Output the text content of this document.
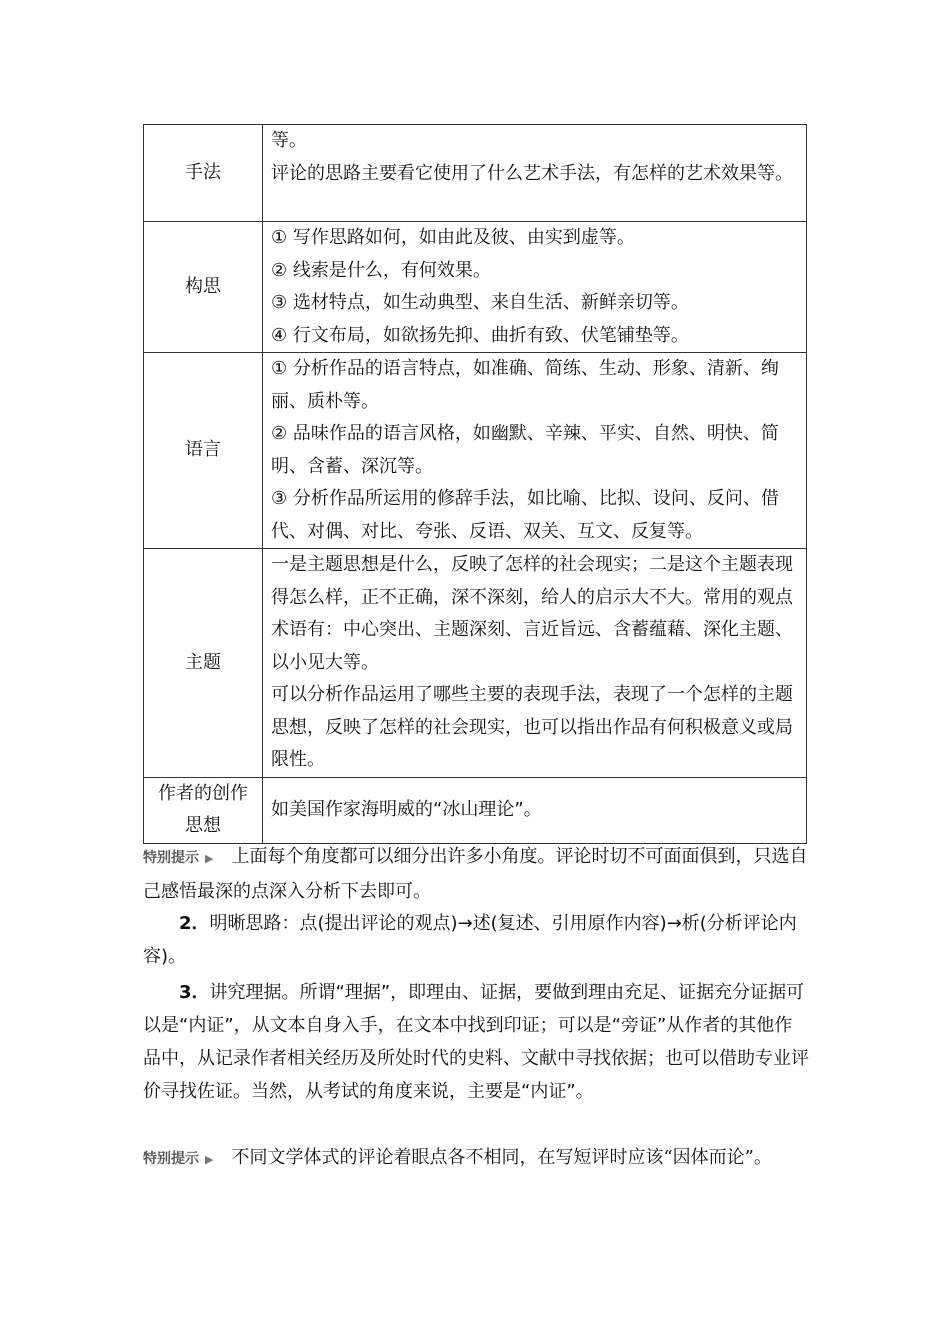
手法	等。

评论的思路主要看它使用了什么艺术手法，有怎样的艺术效果等。

构思	① 写作思路如何，如由此及彼、由实到虚等。

② 线索是什么，有何效果。

③ 选材特点，如生动典型、来自生活、新鲜亲切等。

④ 行文布局，如欲扬先抑、曲折有致、伏笔铺垫等。

语言	① 分析作品的语言特点，如准确、简练、生动、形象、清新、绚丽、质朴等。

② 品味作品的语言风格，如幽默、辛辣、平实、自然、明快、简明、含蓄、深沉等。

③ 分析作品所运用的修辞手法，如比喻、比拟、设问、反问、借代、对偶、对比、夸张、反语、双关、互文、反复等。

主题	一是主题思想是什么，反映了怎样的社会现实；二是这个主题表现得怎么样，正不正确，深不深刻，给人的启示大不大。常用的观点术语有：中心突出、主题深刻、言近旨远、含蓄蕴藉、深化主题、以小见大等。

可以分析作品运用了哪些主要的表现手法，表现了一个怎样的主题思想，反映了怎样的社会现实，也可以指出作品有何积极意义或局限性。

作者的创作思想	如美国作家海明威的“冰山理论”。

特别提示 ▶ 上面每个角度都可以细分出许多小角度。评论时切不可面面俱到，只选自己感悟最深的点深入分析下去即可。
2．明晰思路：点(提出评论的观点)→述(复述、引用原作内容)→析(分析评论内容)。
3．讲究理据。所谓“理据”，即理由、证据，要做到理由充足、证据充分证据可以是“内证”，从文本自身入手，在文本中找到印证；可以是“旁证”从作者的其他作品中，从记录作者相关经历及所处时代的史料、文献中寻找依据；也可以借助专业评价寻找佐证。当然，从考试的角度来说，主要是“内证”。
特别提示 ▶ 不同文学体式的评论着眼点各不相同，在写短评时应该“因体而论”。
